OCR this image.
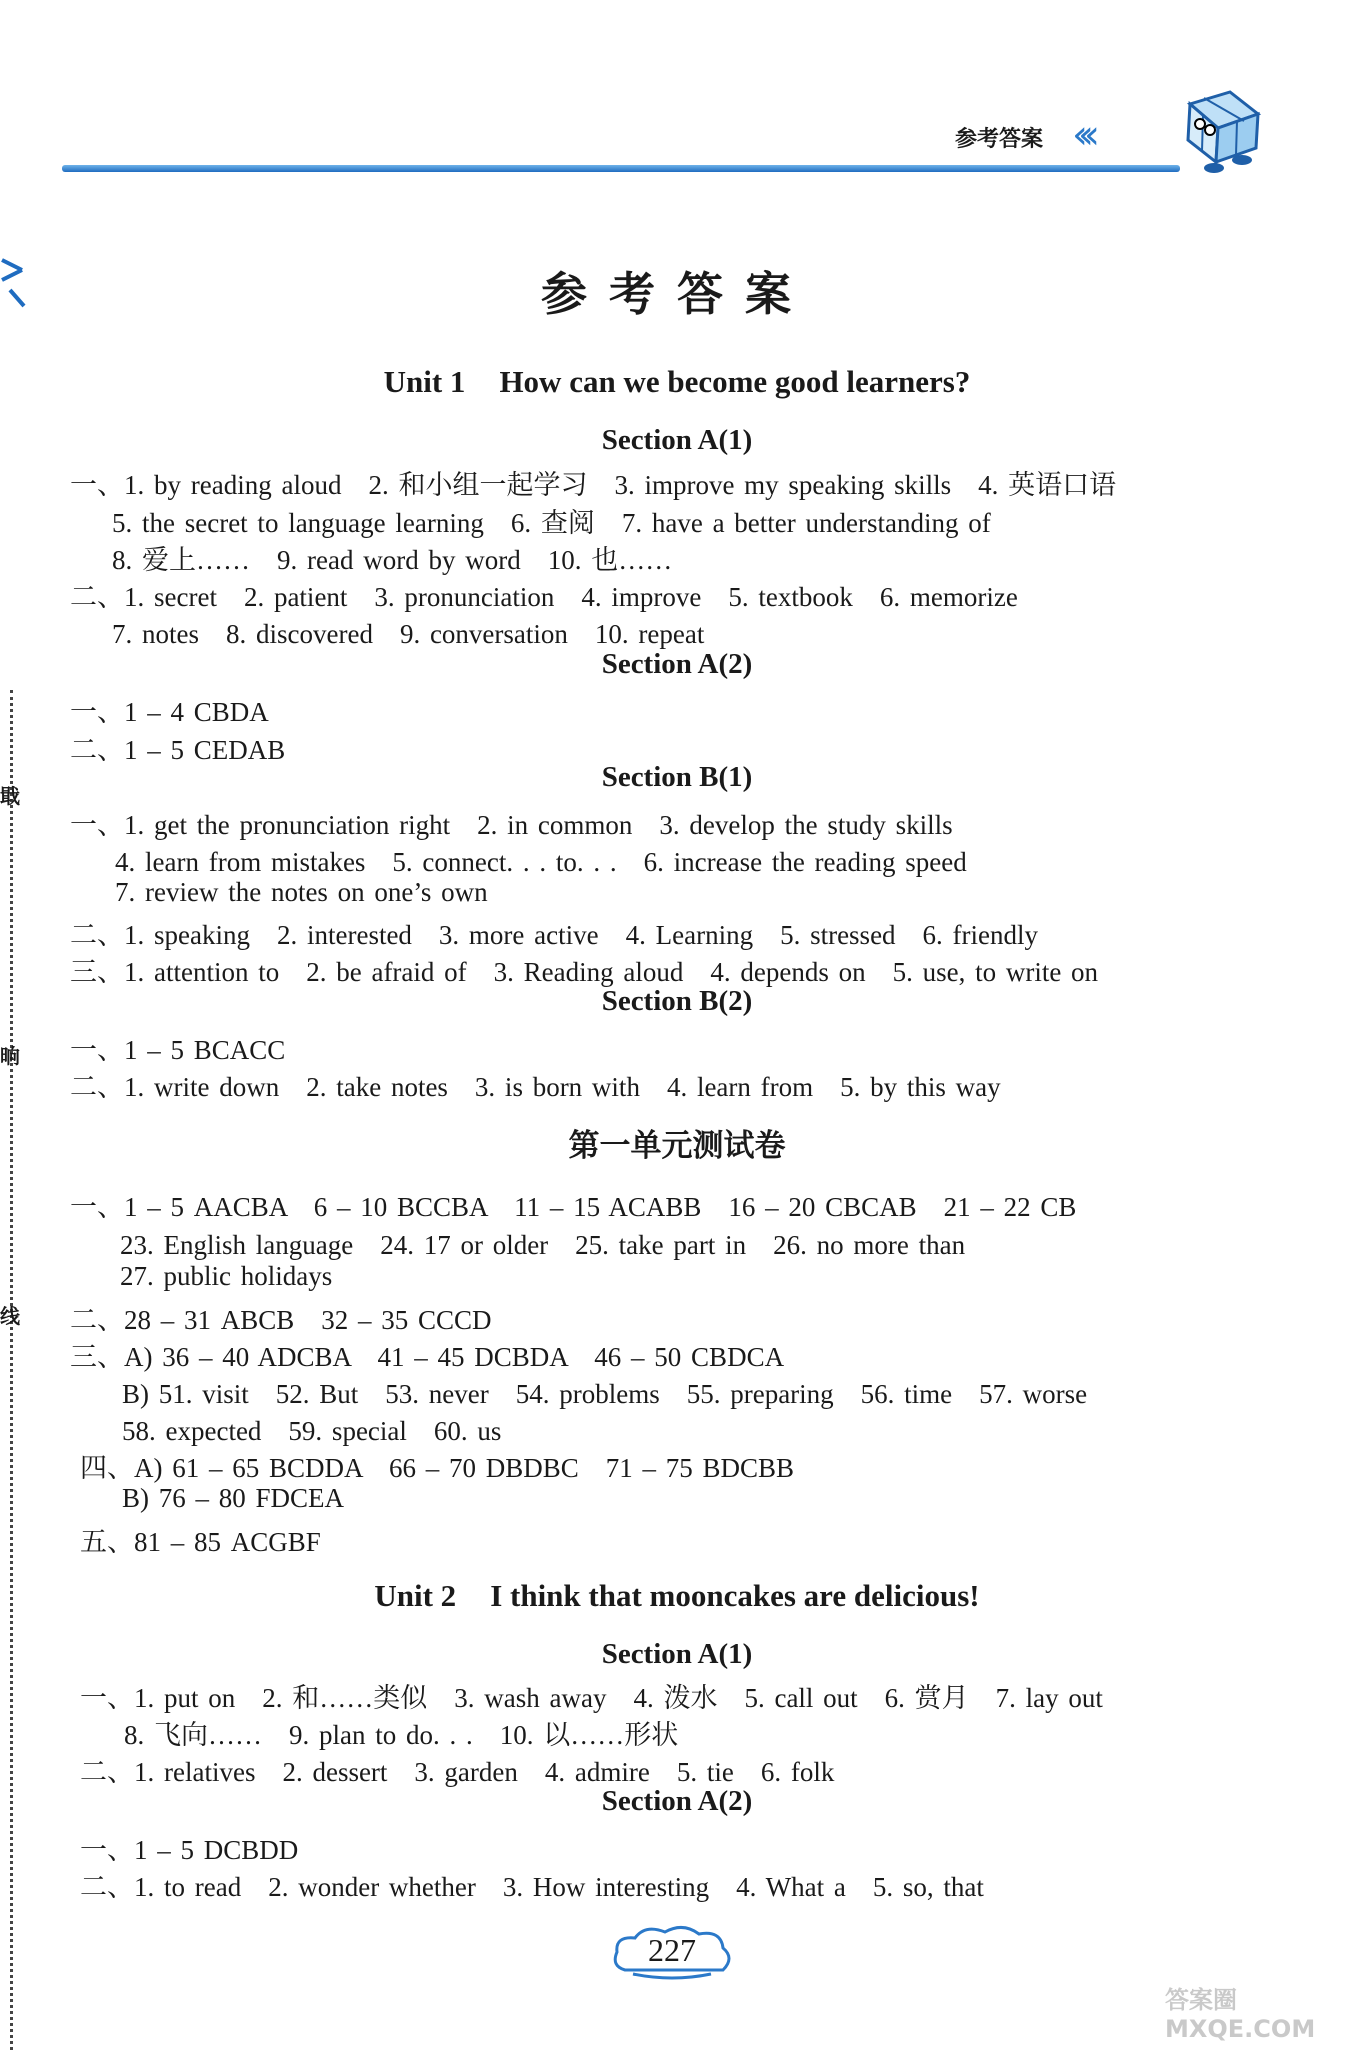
参考答案 ‹‹‹
戢
晌
线
参考答案
Unit 1 How can we become good learners?
Section A(1)
一、1. by reading aloud　2. 和小组一起学习　3. improve my speaking skills　4. 英语口语
5. the secret to language learning　6. 查阅　7. have a better understanding of
8. 爱上……　9. read word by word　10. 也……
二、1. secret　2. patient　3. pronunciation　4. improve　5. textbook　6. memorize
7. notes　8. discovered　9. conversation　10. repeat
Section A(2)
一、1 – 4 CBDA
二、1 – 5 CEDAB
Section B(1)
一、1. get the pronunciation right　2. in common　3. develop the study skills
4. learn from mistakes　5. connect. . . to. . .　6. increase the reading speed
7. review the notes on one’s own
二、1. speaking　2. interested　3. more active　4. Learning　5. stressed　6. friendly
三、1. attention to　2. be afraid of　3. Reading aloud　4. depends on　5. use, to write on
Section B(2)
一、1 – 5 BCACC
二、1. write down　2. take notes　3. is born with　4. learn from　5. by this way
第一单元测试卷
一、1 – 5 AACBA　6 – 10 BCCBA　11 – 15 ACABB　16 – 20 CBCAB　21 – 22 CB
23. English language　24. 17 or older　25. take part in　26. no more than
27. public holidays
二、28 – 31 ABCB　32 – 35 CCCD
三、A) 36 – 40 ADCBA　41 – 45 DCBDA　46 – 50 CBDCA
B) 51. visit　52. But　53. never　54. problems　55. preparing　56. time　57. worse
58. expected　59. special　60. us
四、A) 61 – 65 BCDDA　66 – 70 DBDBC　71 – 75 BDCBB
B) 76 – 80 FDCEA
五、81 – 85 ACGBF
Unit 2 I think that mooncakes are delicious!
Section A(1)
一、1. put on　2. 和……类似　3. wash away　4. 泼水　5. call out　6. 赏月　7. lay out
8. 飞向……　9. plan to do. . .　10. 以……形状
二、1. relatives　2. dessert　3. garden　4. admire　5. tie　6. folk
Section A(2)
一、1 – 5 DCBDD
二、1. to read　2. wonder whether　3. How interesting　4. What a　5. so, that
227
答案圈 MXQE.COM
